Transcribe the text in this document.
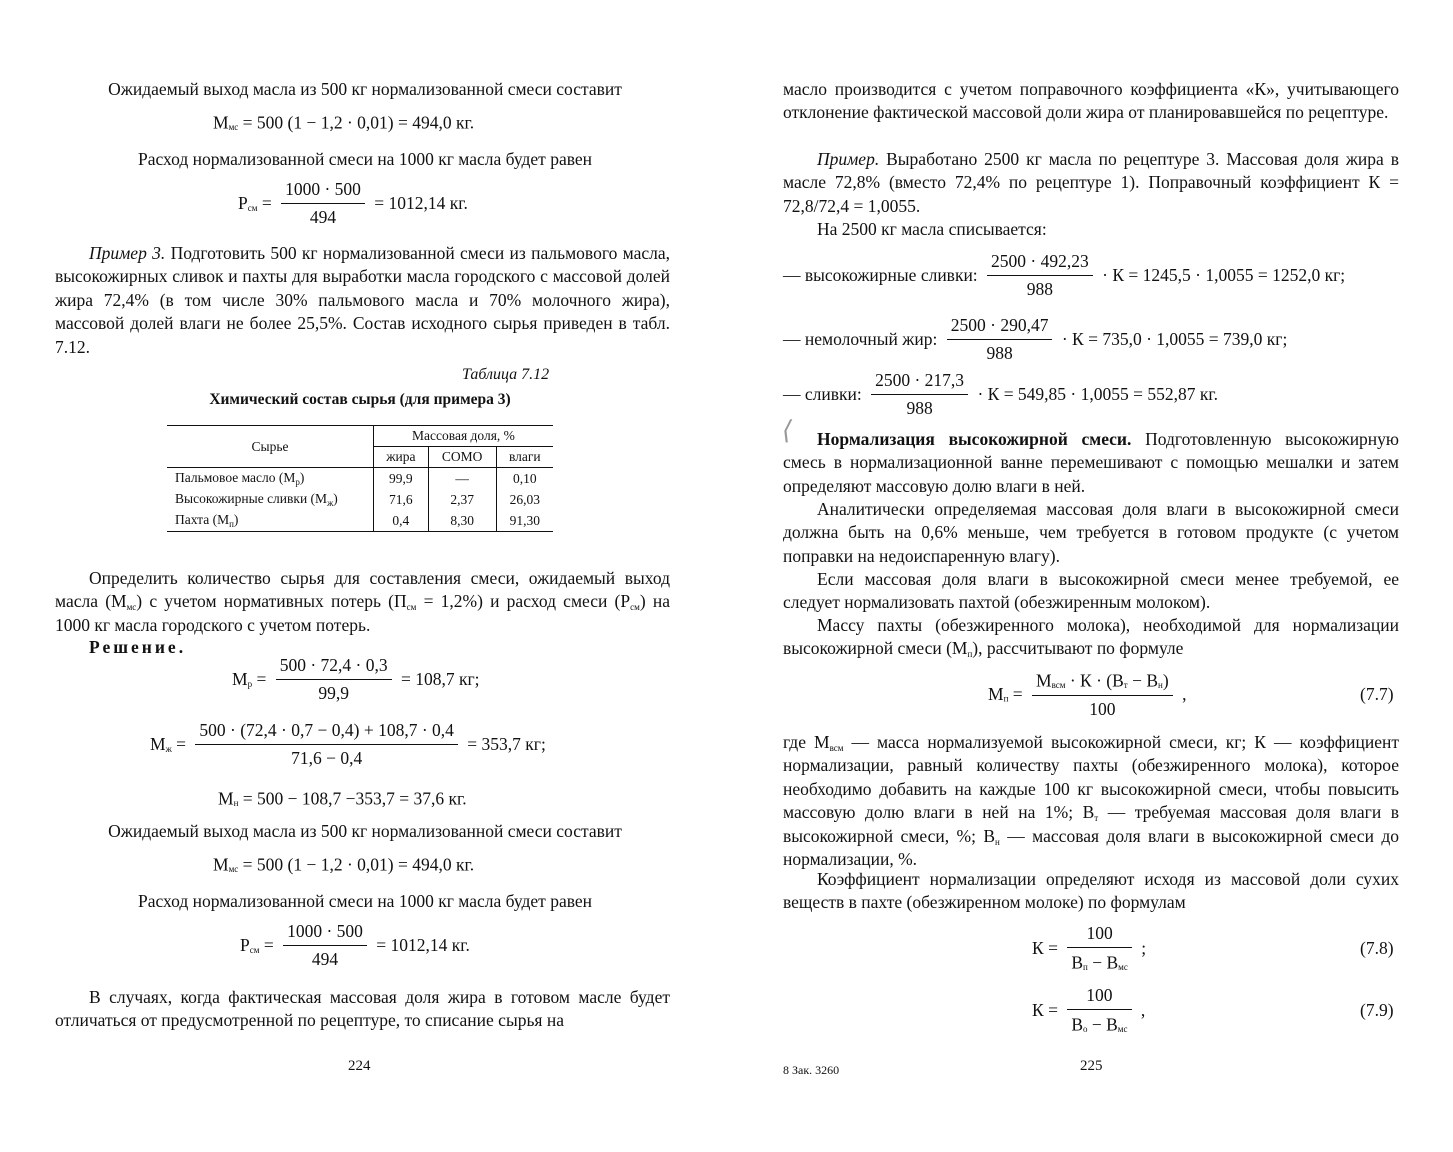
Ожидаемый выход масла из 500 кг нормализованной смеси составит

$М_{мс} = 500$ (1 − 1,2 · 0,01) = 494,0 кг.

Расход нормализованной смеси на 1000 кг масла будет равен

$Р_{см} = \frac{1000 \cdot 500}{494} = 1012,14$ кг.

Пример 3. Подготовить 500 кг нормализованной смеси из пальмового масла, высокожирных сливок и пахты для выработки масла городского с массовой долей жира 72,4% (в том числе 30% пальмового масла и 70% молочного жира), массовой долей влаги не более 25,5%. Состав исходного сырья приведен в табл. 7.12.

Таблица 7.12
Химический состав сырья (для примера 3)
Сырье	Массовая доля, %		
	жира	СОМО	влаги
Пальмовое масло $(М_р)$	99,9	—	0,10
Высокожирные сливки $(М_ж)$	71,6	2,37	26,03
Пахта $(М_п)$	0,4	8,30	91,30

Определить количество сырья для составления смеси, ожидаемый выход масла $(М_{мс})$ с учетом нормативных потерь $(П_{см} = 1,2\%)$ и расход смеси $(Р_{см})$ на 1000 кг масла городского с учетом потерь.

Решение.
$М_р = \frac{500 \cdot 72,4 \cdot 0,3}{99,9} = 108,7$ кг;
$М_ж = \frac{500 \cdot (72,4 \cdot 0,7 - 0,4) + 108,7 \cdot 0,4}{71,6 - 0,4} = 353,7$ кг;
$М_н = 500 - 108,7 -353,7 = 37,6$ кг.

Ожидаемый выход масла из 500 кг нормализованной смеси составит

$М_{мс} = 500$ (1 − 1,2 · 0,01) = 494,0 кг.

Расход нормализованной смеси на 1000 кг масла будет равен

$Р_{см} = \frac{1000 \cdot 500}{494} = 1012,14$ кг.

В случаях, когда фактическая массовая доля жира в готовом масле будет отличаться от предусмотренной по рецептуре, то списание сырья на

224

масло производится с учетом поправочного коэффициента «К», учитывающего отклонение фактической массовой доли жира от планировавшейся по рецептуре.

Пример. Выработано 2500 кг масла по рецептуре 3. Массовая доля жира в масле 72,8% (вместо 72,4% по рецептуре 1). Поправочный коэффициент К = 72,8/72,4 = 1,0055.

На 2500 кг масла списывается:

— высокожирные сливки: $\frac{2500 \cdot 492,23}{988} \cdot К = 1245,5 \cdot 1,0055 = 1252,0$ кг;
— немолочный жир: $\frac{2500 \cdot 290,47}{988} \cdot К = 735,0 \cdot 1,0055 = 739,0$ кг;
— сливки: $\frac{2500 \cdot 217,3}{988} \cdot К = 549,85 \cdot 1,0055 = 552,87$ кг.
⟨	Нормализация высокожирной смеси. Подготовленную высокожирную смесь в нормализационной ванне перемешивают с помощью мешалки и затем определяют массовую долю влаги в ней.

Аналитически определяемая массовая доля влаги в высокожирной смеси должна быть на 0,6% меньше, чем требуется в готовом продукте (с учетом поправки на недоиспаренную влагу).

Если массовая доля влаги в высокожирной смеси менее требуемой, ее следует нормализовать пахтой (обезжиренным молоком).

Массу пахты (обезжиренного молока), необходимой для нормализации высокожирной смеси $(М_п)$, рассчитывают по формуле

$М_п = \frac{М_{всм} \cdot К \cdot (В_т - В_н)}{100}$ ,	(7.7)

где $М_{всм}$ — масса нормализуемой высокожирной смеси, кг; К — коэффициент нормализации, равный количеству пахты (обезжиренного молока), которое необходимо добавить на каждые 100 кг высокожирной смеси, чтобы повысить массовую долю влаги в ней на 1%; $В_т$ — требуемая массовая доля влаги в высокожирной смеси, %; $В_н$ — массовая доля влаги в высокожирной смеси до нормализации, %.

Коэффициент нормализации определяют исходя из массовой доли сухих веществ в пахте (обезжиренном молоке) по формулам

$К = \frac{100}{В_п - В_{мс}}$ ;	(7.8)
$К = \frac{100}{В_о - В_{мс}}$ ,	(7.9)
8 Зак. 3260	225
